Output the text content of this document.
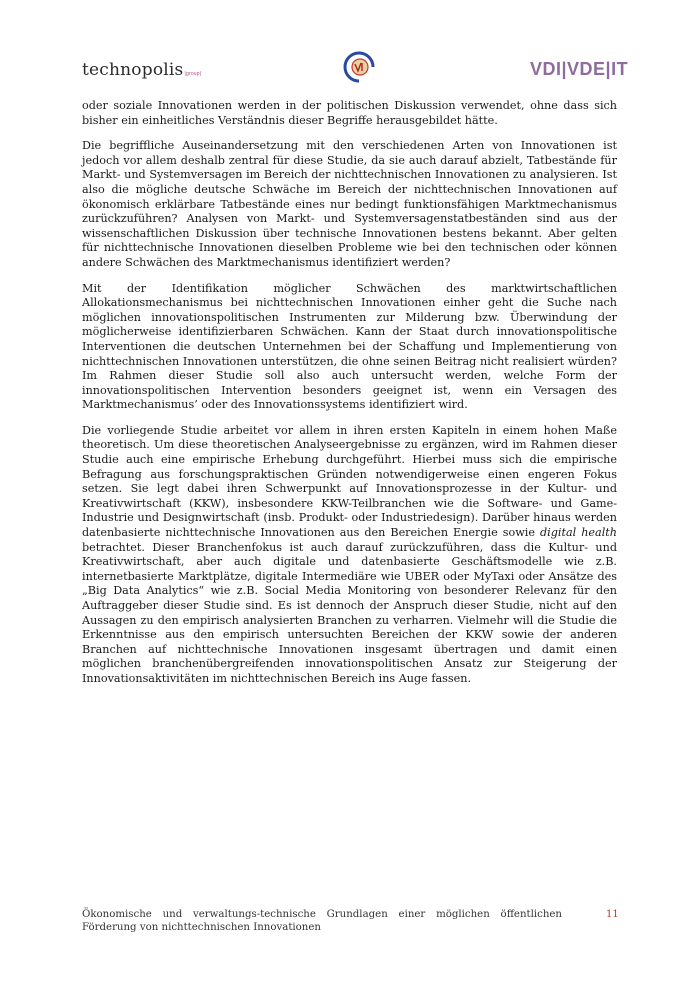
technopolis|group|	VDI|VDE|IT

oder soziale Innovationen werden in der politischen Diskussion verwendet, ohne dass sich bisher ein einheitliches Verständnis dieser Begriffe herausgebildet hätte.

Die begriffliche Auseinandersetzung mit den verschiedenen Arten von Innovationen ist jedoch vor allem deshalb zentral für diese Studie, da sie auch darauf abzielt, Tatbestände für Markt- und Systemversagen im Bereich der nichttechnischen Innovationen zu analysieren. Ist also die mögliche deutsche Schwäche im Bereich der nichttechnischen Innovationen auf ökonomisch erklärbare Tatbestände eines nur bedingt funktionsfähigen Marktmechanismus zurückzuführen? Analysen von Markt- und Systemversagenstatbeständen sind aus der wissenschaftlichen Diskussion über technische Innovationen bestens bekannt. Aber gelten für nichttechnische Innovationen dieselben Probleme wie bei den technischen oder können andere Schwächen des Marktmechanismus identifiziert werden?

Mit der Identifikation möglicher Schwächen des marktwirtschaftlichen Allokationsmechanismus bei nichttechnischen Innovationen einher geht die Suche nach möglichen innovationspolitischen Instrumenten zur Milderung bzw. Überwindung der möglicherweise identifizierbaren Schwächen. Kann der Staat durch innovationspolitische Interventionen die deutschen Unternehmen bei der Schaffung und Implementierung von nichttechnischen Innovationen unterstützen, die ohne seinen Beitrag nicht realisiert würden? Im Rahmen dieser Studie soll also auch untersucht werden, welche Form der innovationspolitischen Intervention besonders geeignet ist, wenn ein Versagen des Marktmechanismus’ oder des Innovationssystems identifiziert wird.

Die vorliegende Studie arbeitet vor allem in ihren ersten Kapiteln in einem hohen Maße theoretisch. Um diese theoretischen Analyseergebnisse zu ergänzen, wird im Rahmen dieser Studie auch eine empirische Erhebung durchgeführt. Hierbei muss sich die empirische Befragung aus forschungspraktischen Gründen notwendigerweise einen engeren Fokus setzen. Sie legt dabei ihren Schwerpunkt auf Innovationsprozesse in der Kultur- und Kreativwirtschaft (KKW), insbesondere KKW-Teilbranchen wie die Software- und Game-Industrie und Designwirtschaft (insb. Produkt- oder Industriedesign). Darüber hinaus werden datenbasierte nichttechnische Innovationen aus den Bereichen Energie sowie digital health betrachtet. Dieser Branchenfokus ist auch darauf zurückzuführen, dass die Kultur- und Kreativwirtschaft, aber auch digitale und datenbasierte Geschäftsmodelle wie z.B. internetbasierte Marktplätze, digitale Intermediäre wie UBER oder MyTaxi oder Ansätze des „Big Data Analytics“ wie z.B. Social Media Monitoring von besonderer Relevanz für den Auftraggeber dieser Studie sind. Es ist dennoch der Anspruch dieser Studie, nicht auf den Aussagen zu den empirisch analysierten Branchen zu verharren. Vielmehr will die Studie die Erkenntnisse aus den empirisch untersuchten Bereichen der KKW sowie der anderen Branchen auf nichttechnische Innovationen insgesamt übertragen und damit einen möglichen branchenübergreifenden innovationspolitischen Ansatz zur Steigerung der Innovationsaktivitäten im nichttechnischen Bereich ins Auge fassen.

Ökonomische und verwaltungs-technische Grundlagen einer möglichen öffentlichen Förderung von nichttechnischen Innovationen
11
